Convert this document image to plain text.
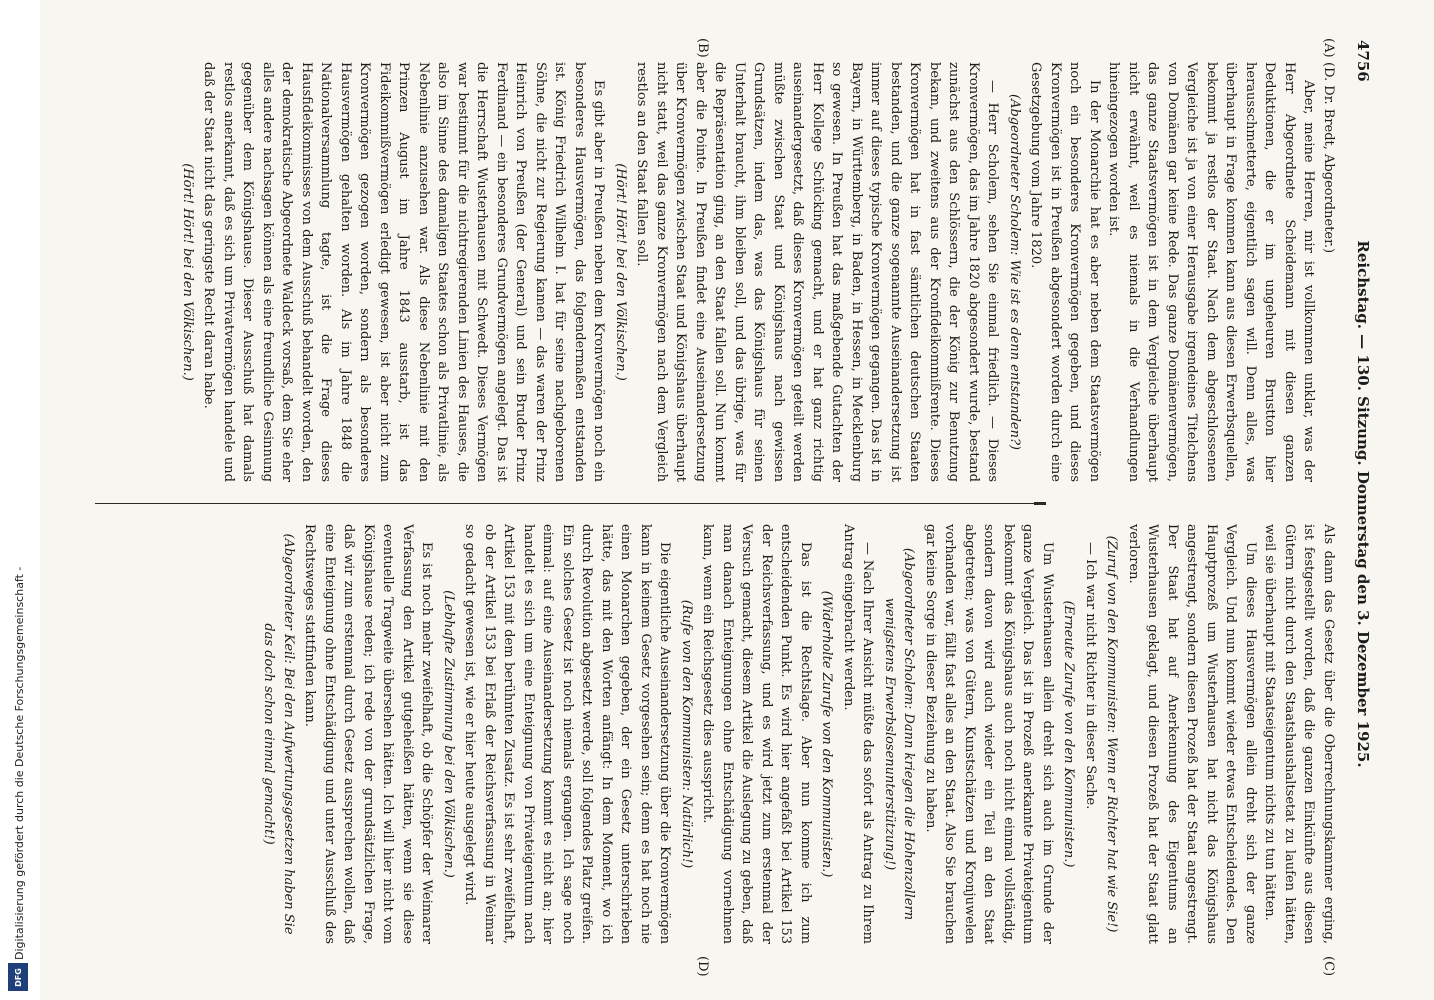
4756
Reichstag. — 130. Sitzung. Donnerstag den 3. Dezember 1925.
(A)
(B)
(C)
(D)

(D. Dr. Bredt, Abgeordneter.)

Aber, meine Herren, mir ist vollkommen unklar, was der Herr Abgeordnete Scheidemann mit diesen ganzen Deduktionen, die er im ungeheuren Brustton hier herausschmetterte, eigentlich sagen will. Denn alles, was überhaupt in Frage kommen kann aus diesen Erwerbsquellen, bekommt ja restlos der Staat. Nach dem abgeschlossenen Vergleiche ist ja von einer Herausgabe irgendeines Titelchens von Domänen gar keine Rede. Das ganze Domänenvermögen, das ganze Staatsvermögen ist in dem Vergleiche überhaupt nicht erwähnt, weil es niemals in die Verhandlungen hineingezogen worden ist.

In der Monarchie hat es aber neben dem Staatsvermögen noch ein besonderes Kronvermögen gegeben, und dieses Kronvermögen ist in Preußen abgesondert worden durch eine Gesetzgebung vom Jahre 1820.

(Abgeordneter Scholem: Wie ist es denn entstanden?)

— Herr Scholem, sehen Sie einmal friedlich. — Dieses Kronvermögen, das im Jahre 1820 abgesondert wurde, bestand zunächst aus den Schlössern, die der König zur Benutzung bekam, und zweitens aus der Kronfideikommißrente. Dieses Kronvermögen hat in fast sämtlichen deutschen Staaten bestanden, und die ganze sogenannte Auseinandersetzung ist immer auf dieses typische Kronvermögen gegangen. Das ist in Bayern, in Württemberg, in Baden, in Hessen, in Mecklenburg so gewesen. In Preußen hat das maßgebende Gutachten der Herr Kollege Schücking gemacht, und er hat ganz richtig auseinandergesetzt, daß dieses Kronvermögen geteilt werden müßte zwischen Staat und Königshaus nach gewissen Grundsätzen, indem das, was das Königshaus für seinen Unterhalt braucht, ihm bleiben soll, und das übrige, was für die Repräsentation ging, an den Staat fallen soll. Nun kommt aber die Pointe. In Preußen findet eine Auseinandersetzung über Kronvermögen zwischen Staat und Königshaus überhaupt nicht statt, weil das ganze Kronvermögen nach dem Vergleich restlos an den Staat fallen soll.

(Hört! Hört! bei den Völkischen.)

Es gibt aber in Preußen neben dem Kronvermögen noch ein besonderes Hausvermögen, das folgendermaßen entstanden ist. König Friedrich Wilhelm I. hat für seine nachgeborenen Söhne, die nicht zur Regierung kamen — das waren der Prinz Heinrich von Preußen (der General) und sein Bruder Prinz Ferdinand — ein besonderes Grundvermögen angelegt. Das ist die Herrschaft Wusterhausen mit Schwedt. Dieses Vermögen war bestimmt für die nichtregierenden Linien des Hauses, die also im Sinne des damaligen Staates schon als Privatlinie, als Nebenlinie anzusehen war. Als diese Nebenlinie mit den Prinzen August im Jahre 1843 ausstarb, ist das Fideikommißvermögen erledigt gewesen, ist aber nicht zum Kronvermögen gezogen worden, sondern als besonderes Hausvermögen gehalten worden. Als im Jahre 1848 die Nationalversammlung tagte, ist die Frage dieses Hausfideikommisses von dem Ausschuß behandelt worden, den der demokratische Abgeordnete Waldeck vorsaß, dem Sie eher alles andere nachsagen können als eine freundliche Gesinnung gegenüber dem Königshause. Dieser Ausschuß hat damals restlos anerkannt, daß es sich um Privatvermögen handele und daß der Staat nicht das geringste Recht daran habe.

(Hört! Hört! bei den Völkischen.)

Als dann das Gesetz über die Oberrechnungskammer erging, ist festgestellt worden, daß die ganzen Einkünfte aus diesen Gütern nicht durch den Staatshaushaltsetat zu laufen hätten, weil sie überhaupt mit Staatseigentum nichts zu tun hätten.

Um dieses Hausvermögen allein dreht sich der ganze Vergleich. Und nun kommt wieder etwas Entscheidendes. Den Hauptprozeß um Wusterhausen hat nicht das Königshaus angestrengt, sondern diesen Prozeß hat der Staat angestrengt. Der Staat hat auf Anerkennung des Eigentums an Wusterhausen geklagt, und diesen Prozeß hat der Staat glatt verloren.

(Zuruf von den Kommunisten: Wenn er Richter hat wie Sie!)

— Ich war nicht Richter in dieser Sache.

(Erneute Zurufe von den Kommunisten.)

Um Wusterhausen allein dreht sich auch im Grunde der ganze Vergleich. Das ist in Prozeß anerkannte Privateigentum bekommt das Königshaus auch noch nicht einmal vollständig, sondern davon wird auch wieder ein Teil an den Staat abgetreten; was von Gütern, Kunstschätzen und Kronjuwelen vorhanden war, fällt fast alles an den Staat. Also Sie brauchen gar keine Sorge in dieser Beziehung zu haben.

(Abgeordneter Scholem: Dann kriegen die Hohenzollern wenigstens Erwerbslosenunterstützung!)

— Nach Ihrer Ansicht müßte das sofort als Antrag zu Ihrem Antrag eingebracht werden.

(Widerholte Zurufe von den Kommunisten.)

Das ist die Rechtslage. Aber nun komme ich zum entscheidenden Punkt. Es wird hier angefaßt bei Artikel 153 der Reichsverfassung, und es wird jetzt zum erstenmal der Versuch gemacht, diesem Artikel die Auslegung zu geben, daß man danach Enteignungen ohne Entschädigung vornehmen kann, wenn ein Reichsgesetz dies ausspricht.

(Rufe von den Kommunisten: Natürlich!)

Die eigentliche Auseinandersetzung über die Kronvermögen kann in keinem Gesetz vorgesehen sein; denn es hat noch nie einen Monarchen gegeben, der ein Gesetz unterschrieben hätte, das mit den Worten anfängt: In dem Moment, wo ich durch Revolution abgesetzt werde, soll folgendes Platz greifen. Ein solches Gesetz ist noch niemals ergangen. Ich sage noch einmal: auf eine Auseinandersetzung kommt es nicht an; hier handelt es sich um eine Enteignung von Privateigentum nach Artikel 153 mit dem berühmten Zusatz. Es ist sehr zweifelhaft, ob der Artikel 153 bei Erlaß der Reichsverfassung in Weimar so gedacht gewesen ist, wie er hier heute ausgelegt wird.

(Lebhafte Zustimmung bei den Völkischen.)

Es ist noch mehr zweifelhaft, ob die Schöpfer der Weimarer Verfassung den Artikel gutgeheißen hätten, wenn sie diese eventuelle Tragweite übersehen hätten. Ich will hier nicht vom Königshause reden; ich rede von der grundsätzlichen Frage, daß wir zum erstenmal durch Gesetz aussprechen wollen, daß eine Enteignung ohne Entschädigung und unter Ausschluß des Rechtsweges stattfinden kann.

(Abgeordneter Keil: Bei den Aufwertungsgesetzen haben Sie das doch schon einmal gemacht!)

Digitalisierung gefördert durch die Deutsche Forschungsgemeinschaft -
DFG
